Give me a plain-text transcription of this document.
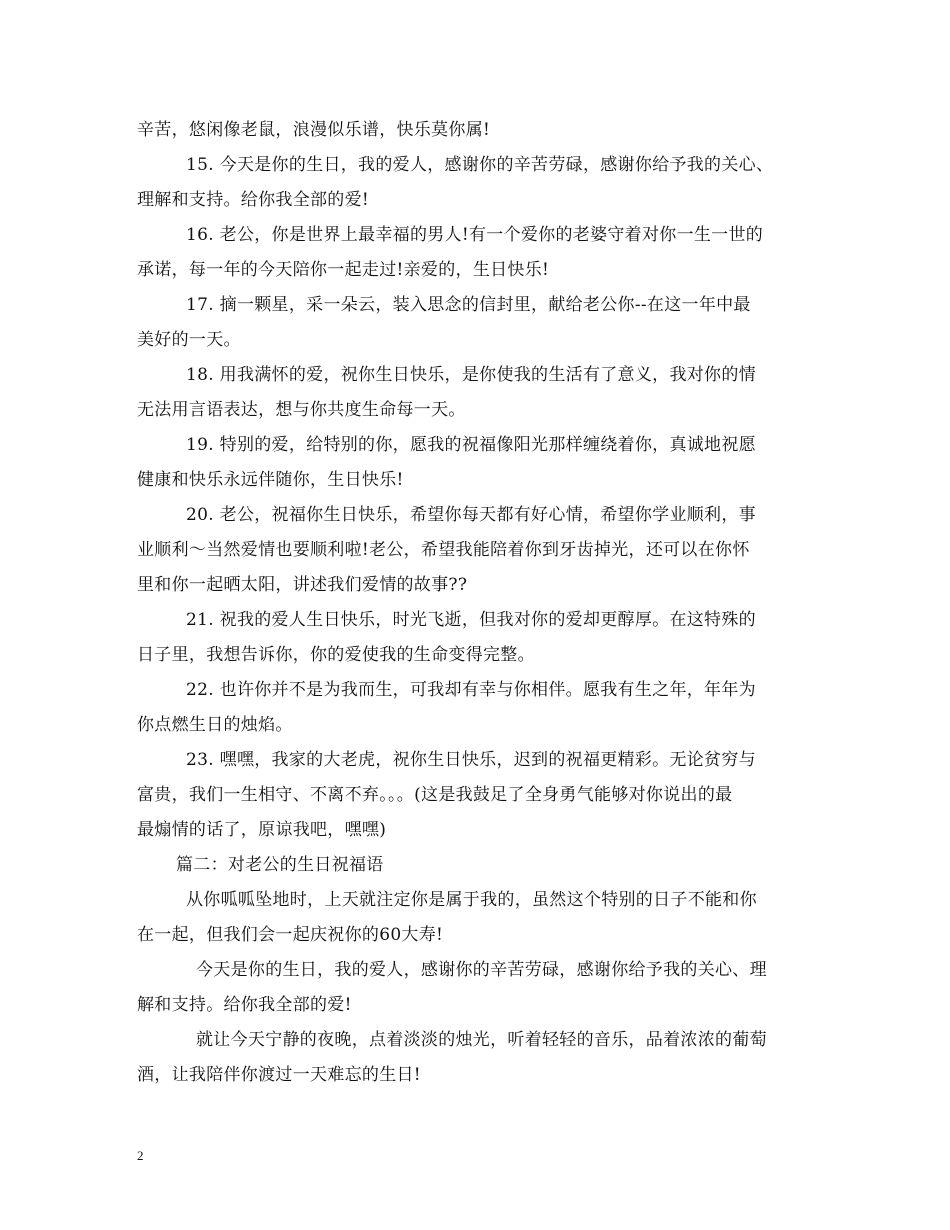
辛苦，悠闲像老鼠，浪漫似乐谱，快乐莫你属!
15. 今天是你的生日，我的爱人，感谢你的辛苦劳碌，感谢你给予我的关心、
理解和支持。给你我全部的爱!
16. 老公，你是世界上最幸福的男人!有一个爱你的老婆守着对你一生一世的
承诺，每一年的今天陪你一起走过!亲爱的，生日快乐!
17. 摘一颗星，采一朵云，装入思念的信封里，献给老公你--在这一年中最
美好的一天。
18. 用我满怀的爱，祝你生日快乐，是你使我的生活有了意义，我对你的情
无法用言语表达，想与你共度生命每一天。
19. 特别的爱，给特别的你，愿我的祝福像阳光那样缠绕着你，真诚地祝愿
健康和快乐永远伴随你，生日快乐!
20. 老公，祝福你生日快乐，希望你每天都有好心情，希望你学业顺利，事
业顺利～当然爱情也要顺利啦!老公，希望我能陪着你到牙齿掉光，还可以在你怀
里和你一起晒太阳，讲述我们爱情的故事??
21. 祝我的爱人生日快乐，时光飞逝，但我对你的爱却更醇厚。在这特殊的
日子里，我想告诉你，你的爱使我的生命变得完整。
22. 也许你并不是为我而生，可我却有幸与你相伴。愿我有生之年，年年为
你点燃生日的烛焰。
23. 嘿嘿，我家的大老虎，祝你生日快乐，迟到的祝福更精彩。无论贫穷与
富贵，我们一生相守、不离不弃。。。(这是我鼓足了全身勇气能够对你说出的最
最煽情的话了，原谅我吧，嘿嘿)
篇二：对老公的生日祝福语
从你呱呱坠地时，上天就注定你是属于我的，虽然这个特别的日子不能和你
在一起，但我们会一起庆祝你的60大寿!
今天是你的生日，我的爱人，感谢你的辛苦劳碌，感谢你给予我的关心、理
解和支持。给你我全部的爱!
就让今天宁静的夜晚，点着淡淡的烛光，听着轻轻的音乐，品着浓浓的葡萄
酒，让我陪伴你渡过一天难忘的生日!
2
